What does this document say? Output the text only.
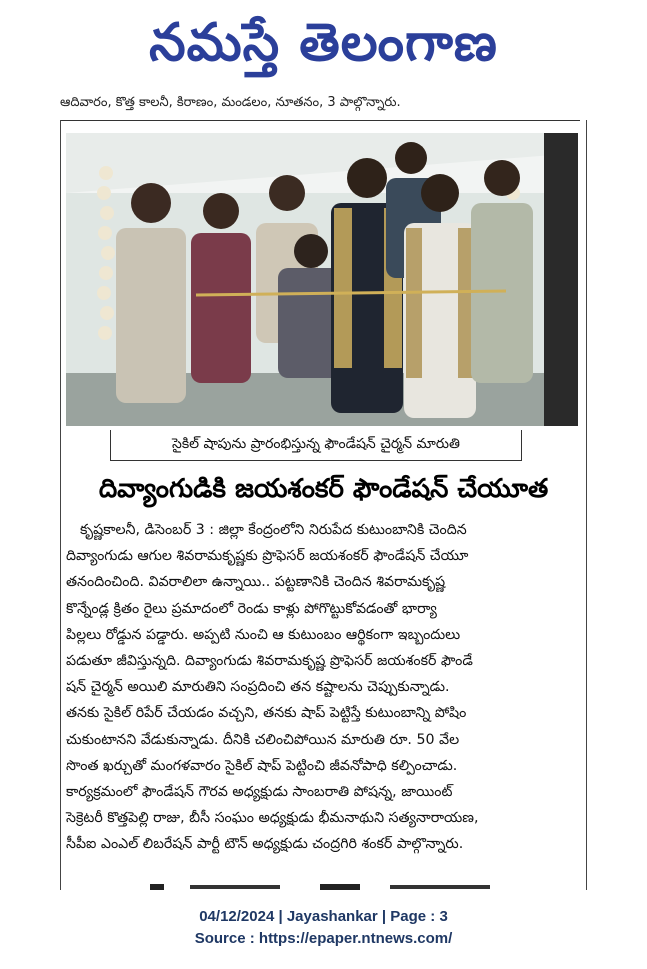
నమస్తే తెలంగాణ
ఆదివారం, కొత్త కాలనీ, కిరాణం, మండలం, నూతనం, 3 పాల్గొన్నారు.
సైకిల్ షాపును ప్రారంభిస్తున్న ఫౌండేషన్ చైర్మన్ మారుతి
దివ్యాంగుడికి జయశంకర్ ఫౌండేషన్ చేయూత
కృష్ణకాలనీ, డిసెంబర్ 3 : జిల్లా కేంద్రంలోని నిరుపేద కుటుంబానికి చెందిన
దివ్యాంగుడు ఆగుల శివరామకృష్ణకు ప్రొఫెసర్ జయశంకర్ ఫౌండేషన్ చేయూ
తనందించింది. వివరాలిలా ఉన్నాయి.. పట్టణానికి చెందిన శివరామకృష్ణ
కొన్నేండ్ల క్రితం రైలు ప్రమాదంలో రెండు కాళ్లు పోగొట్టుకోవడంతో భార్యా
పిల్లలు రోడ్డున పడ్డారు. అప్పటి నుంచి ఆ కుటుంబం ఆర్థికంగా ఇబ్బందులు
పడుతూ జీవిస్తున్నది. దివ్యాంగుడు శివరామకృష్ణ ప్రొఫెసర్ జయశంకర్ ఫౌండే
షన్ చైర్మన్ అయిలి మారుతిని సంప్రదించి తన కష్టాలను చెప్పుకున్నాడు.
తనకు సైకిల్ రిపేర్ చేయడం వచ్చని, తనకు షాప్ పెట్టిస్తే కుటుంబాన్ని పోషిం
చుకుంటానని వేడుకున్నాడు. దీనికి చలించిపోయిన మారుతి రూ. 50 వేల
సొంత ఖర్చుతో మంగళవారం సైకిల్ షాప్ పెట్టించి జీవనోపాధి కల్పించాడు.
కార్యక్రమంలో ఫౌండేషన్ గౌరవ అధ్యక్షుడు సాంబరాతి పోషన్న, జాయింట్
సెక్రెటరీ కొత్తపెల్లి రాజు, బీసీ సంఘం అధ్యక్షుడు భీమనాథుని సత్యనారాయణ,
సీపీఐ ఎంఎల్ లిబరేషన్ పార్టీ టౌన్ అధ్యక్షుడు చంద్రగిరి శంకర్ పాల్గొన్నారు.
04/12/2024 | Jayashankar | Page : 3
Source : https://epaper.ntnews.com/
